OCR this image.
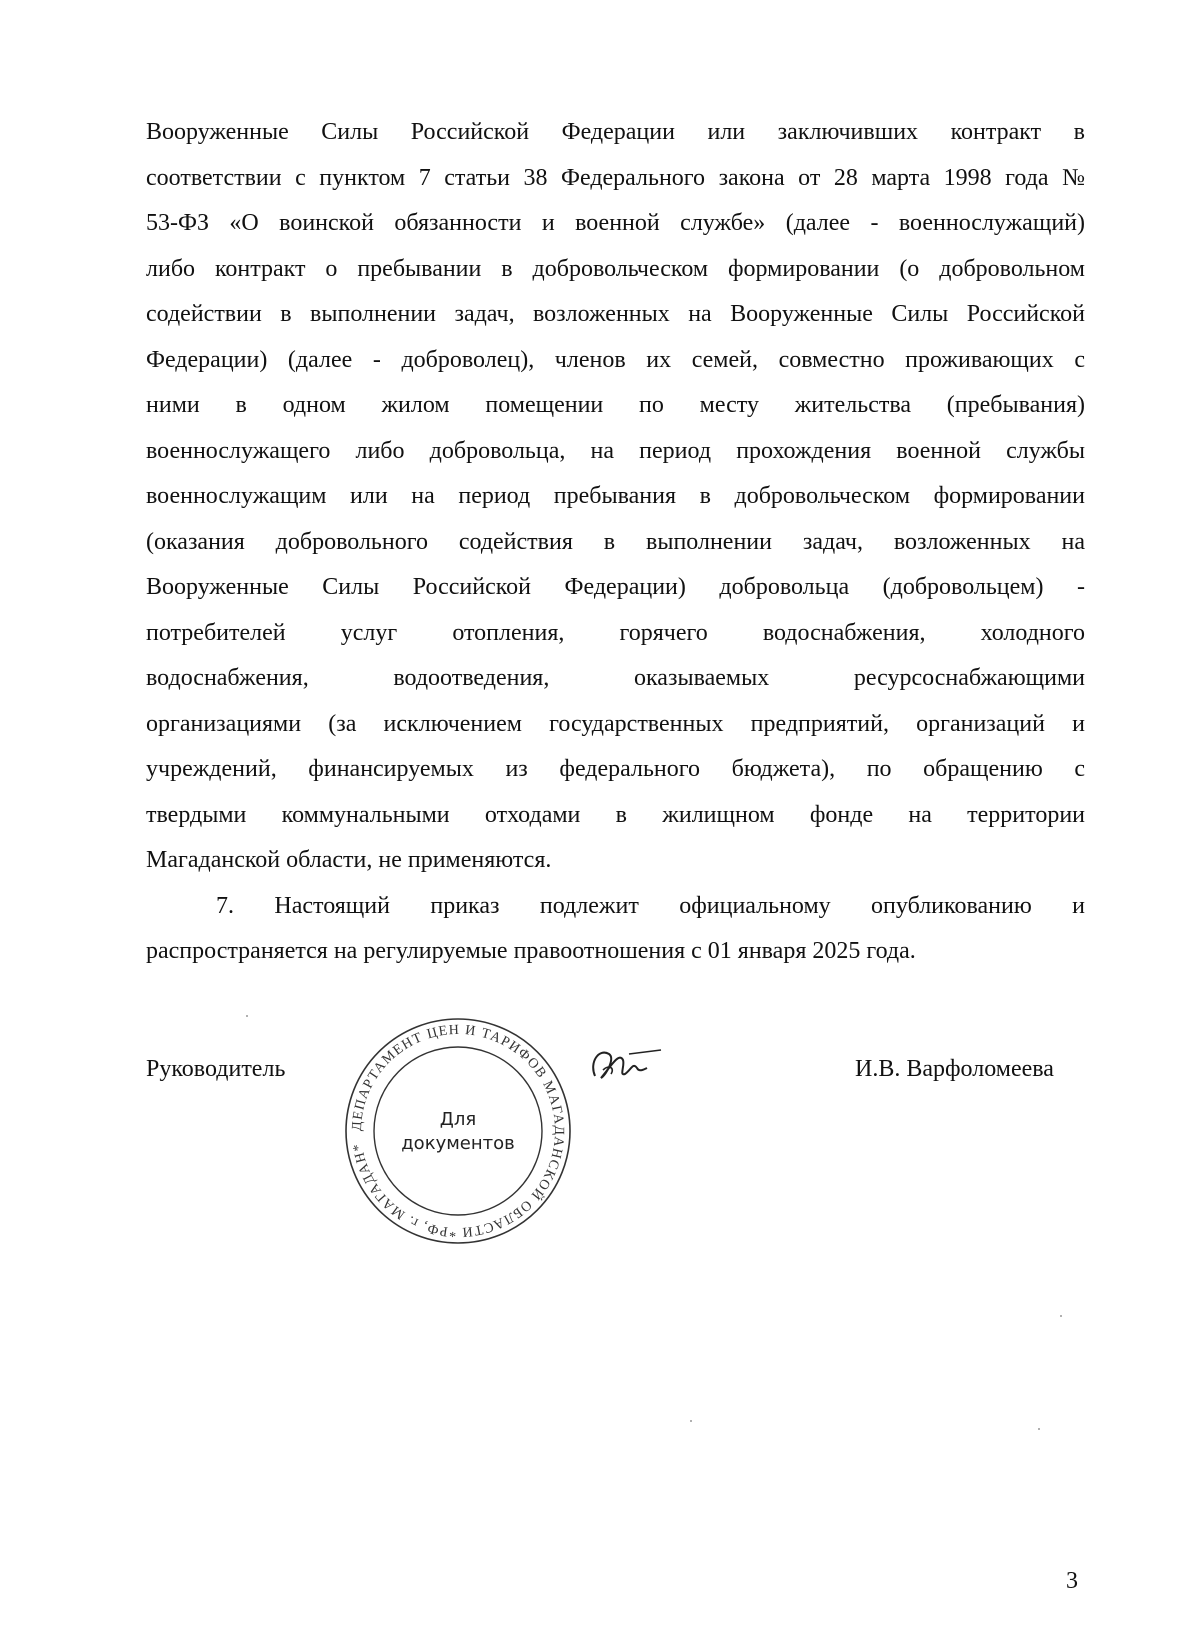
Вооруженные Силы Российской Федерации или заключивших контракт в
соответствии с пунктом 7 статьи 38 Федерального закона от 28 марта 1998 года №
53-ФЗ «О воинской обязанности и военной службе» (далее - военнослужащий)
либо контракт о пребывании в добровольческом формировании (о добровольном
содействии в выполнении задач, возложенных на Вооруженные Силы Российской
Федерации) (далее - доброволец), членов их семей, совместно проживающих с
ними в одном жилом помещении по месту жительства (пребывания)
военнослужащего либо добровольца, на период прохождения военной службы
военнослужащим или на период пребывания в добровольческом формировании
(оказания добровольного содействия в выполнении задач, возложенных на
Вооруженные Силы Российской Федерации) добровольца (добровольцем) -
потребителей услуг отопления, горячего водоснабжения, холодного
водоснабжения, водоотведения, оказываемых ресурсоснабжающими
организациями (за исключением государственных предприятий, организаций и
учреждений, финансируемых из федерального бюджета), по обращению с
твердыми коммунальными отходами в жилищном фонде на территории
Магаданской области, не применяются.
7. Настоящий приказ подлежит официальному опубликованию и
распространяется на регулируемые правоотношения с 01 января 2025 года.
Руководитель
ДЕПАРТАМЕНТ ЦЕН И ТАРИФОВ МАГАДАНСКОЙ ОБЛАСТИ *РФ, г. МАГАДАН*
Для
документов
И.В. Варфоломеева
3
